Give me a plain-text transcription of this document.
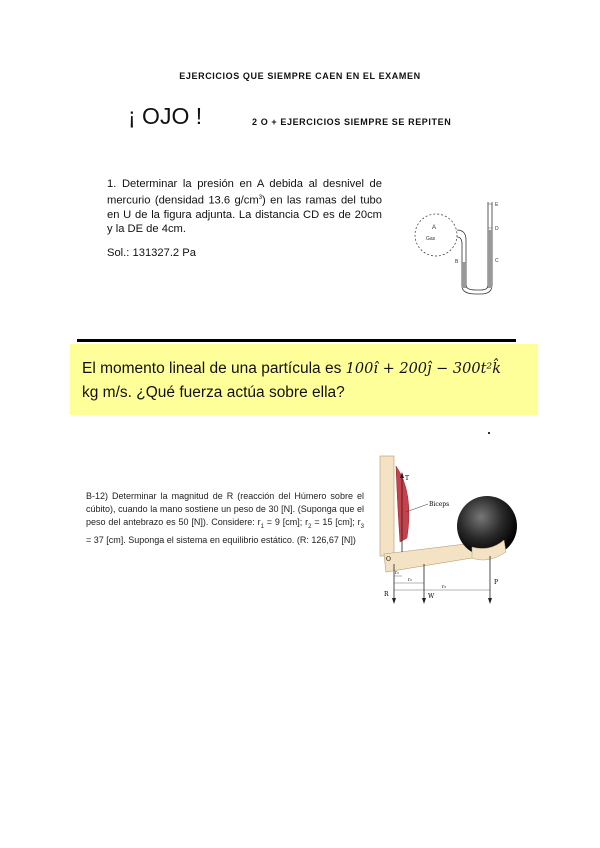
EJERCICIOS QUE SIEMPRE CAEN EN EL EXAMEN
¡ OJO !	2 O + EJERCICIOS SIEMPRE SE REPITEN

1. Determinar la presión en A debida al desnivel de mercurio (densidad 13.6 $g/cm^3$) en las ramas del tubo en U de la figura adjunta. La distancia CD es de 20cm y la DE de 4cm.

Sol.: 131327.2 Pa
A
Gas
B
E
D
C
El momento lineal de una partícula es 100î + 200ĵ − 300t²k̂
kg m/s. ¿Qué fuerza actúa sobre ella?

B-12) Determinar la magnitud de R (reacción del Húmero sobre el cúbito), cuando la mano sostiene un peso de 30 [N]. (Suponga que el peso del antebrazo es 50 [N]). Considere: $r_1 = 9$ [cm]; $r_2 = 15$ [cm]; $r_3 = 37$ [cm]. Suponga el sistema en equilibrio estático. (R: 126,67 [N])

T
Biceps
O
R	W
P
r₁
r₂
r₃
